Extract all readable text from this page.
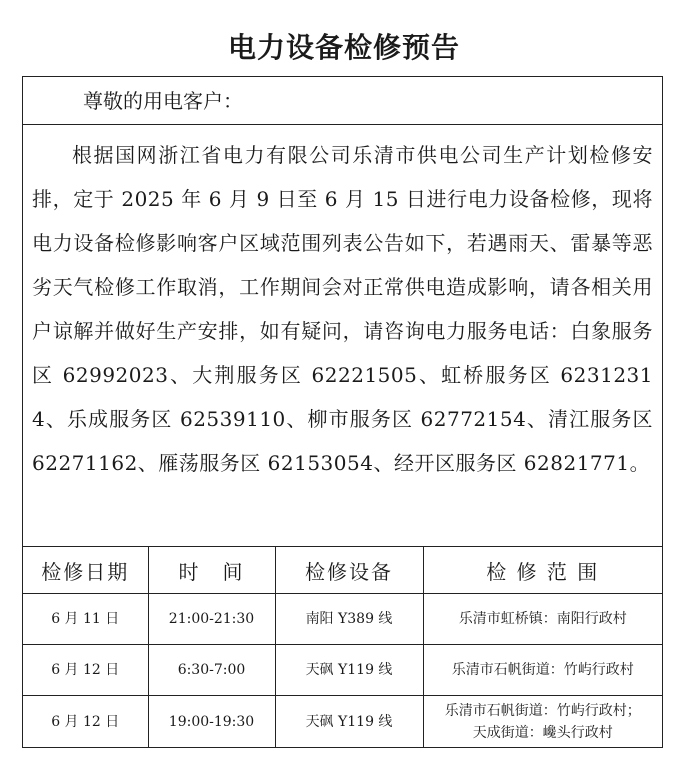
电力设备检修预告
尊敬的用电客户：
根据国网浙江省电力有限公司乐清市供电公司生产计划检修安排，定于 2025 年 6 月 9 日至 6 月 15 日进行电力设备检修，现将电力设备检修影响客户区域范围列表公告如下，若遇雨天、雷暴等恶劣天气检修工作取消，工作期间会对正常供电造成影响，请各相关用户谅解并做好生产安排，如有疑问，请咨询电力服务电话：白象服务区 62992023、大荆服务区 62221505、虹桥服务区 62312314、乐成服务区 62539110、柳市服务区 62772154、清江服务区 62271162、雁荡服务区 62153054、经开区服务区 62821771。
检修日期	时　间	检修设备	检 修 范 围
6 月 11 日	21:00-21:30	南阳 Y389 线	乐清市虹桥镇：南阳行政村

6 月 12 日	6:30-7:00	天砜 Y119 线	乐清市石帆街道：竹屿行政村

6 月 12 日	19:00-19:30	天砜 Y119 线	乐清市石帆街道：竹屿行政村；
天成街道：巉头行政村
